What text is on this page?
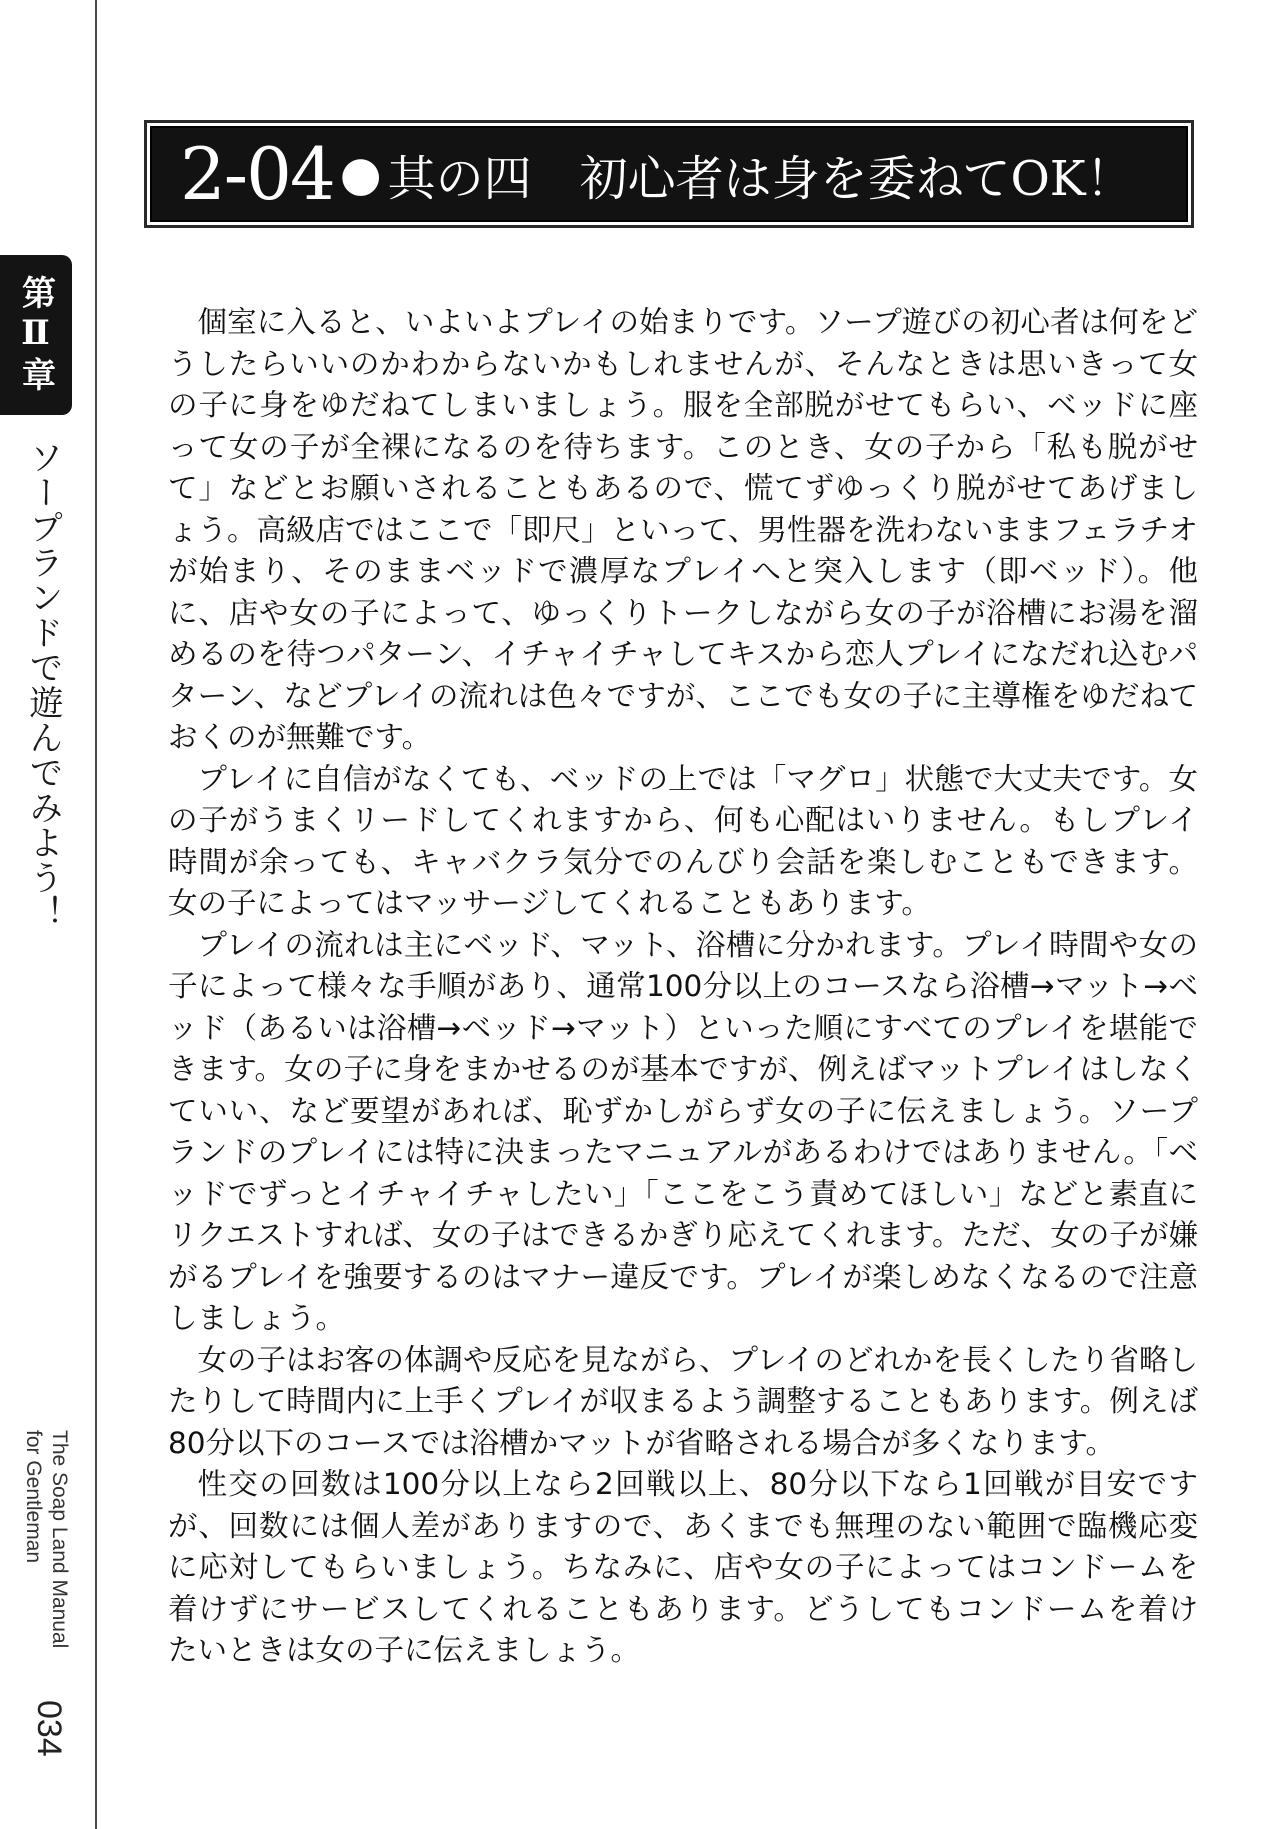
第Ⅱ章
ソープランドで遊んでみよう！
The Soap Land Manual
for Gentleman
034
2-04 ● 其の四　初心者は身を委ねてOK！

個室に入ると、いよいよプレイの始まりです。ソープ遊びの初心者は何をどうしたらいいのかわからないかもしれませんが、そんなときは思いきって女の子に身をゆだねてしまいましょう。服を全部脱がせてもらい、ベッドに座って女の子が全裸になるのを待ちます。このとき、女の子から「私も脱がせて」などとお願いされることもあるので、慌てずゆっくり脱がせてあげましょう。高級店ではここで「即尺」といって、男性器を洗わないままフェラチオが始まり、そのままベッドで濃厚なプレイへと突入します（即ベッド）。他に、店や女の子によって、ゆっくりトークしながら女の子が浴槽にお湯を溜めるのを待つパターン、イチャイチャしてキスから恋人プレイになだれ込むパターン、などプレイの流れは色々ですが、ここでも女の子に主導権をゆだねておくのが無難です。

プレイに自信がなくても、ベッドの上では「マグロ」状態で大丈夫です。女の子がうまくリードしてくれますから、何も心配はいりません。もしプレイ時間が余っても、キャバクラ気分でのんびり会話を楽しむこともできます。女の子によってはマッサージしてくれることもあります。

プレイの流れは主にベッド、マット、浴槽に分かれます。プレイ時間や女の子によって様々な手順があり、通常100分以上のコースなら浴槽→マット→ベッド（あるいは浴槽→ベッド→マット）といった順にすべてのプレイを堪能できます。女の子に身をまかせるのが基本ですが、例えばマットプレイはしなくていい、など要望があれば、恥ずかしがらず女の子に伝えましょう。ソープランドのプレイには特に決まったマニュアルがあるわけではありません。「ベッドでずっとイチャイチャしたい」「ここをこう責めてほしい」などと素直にリクエストすれば、女の子はできるかぎり応えてくれます。ただ、女の子が嫌がるプレイを強要するのはマナー違反です。プレイが楽しめなくなるので注意しましょう。

女の子はお客の体調や反応を見ながら、プレイのどれかを長くしたり省略したりして時間内に上手くプレイが収まるよう調整することもあります。例えば80分以下のコースでは浴槽かマットが省略される場合が多くなります。

性交の回数は100分以上なら2回戦以上、80分以下なら1回戦が目安ですが、回数には個人差がありますので、あくまでも無理のない範囲で臨機応変に応対してもらいましょう。ちなみに、店や女の子によってはコンドームを着けずにサービスしてくれることもあります。どうしてもコンドームを着けたいときは女の子に伝えましょう。
